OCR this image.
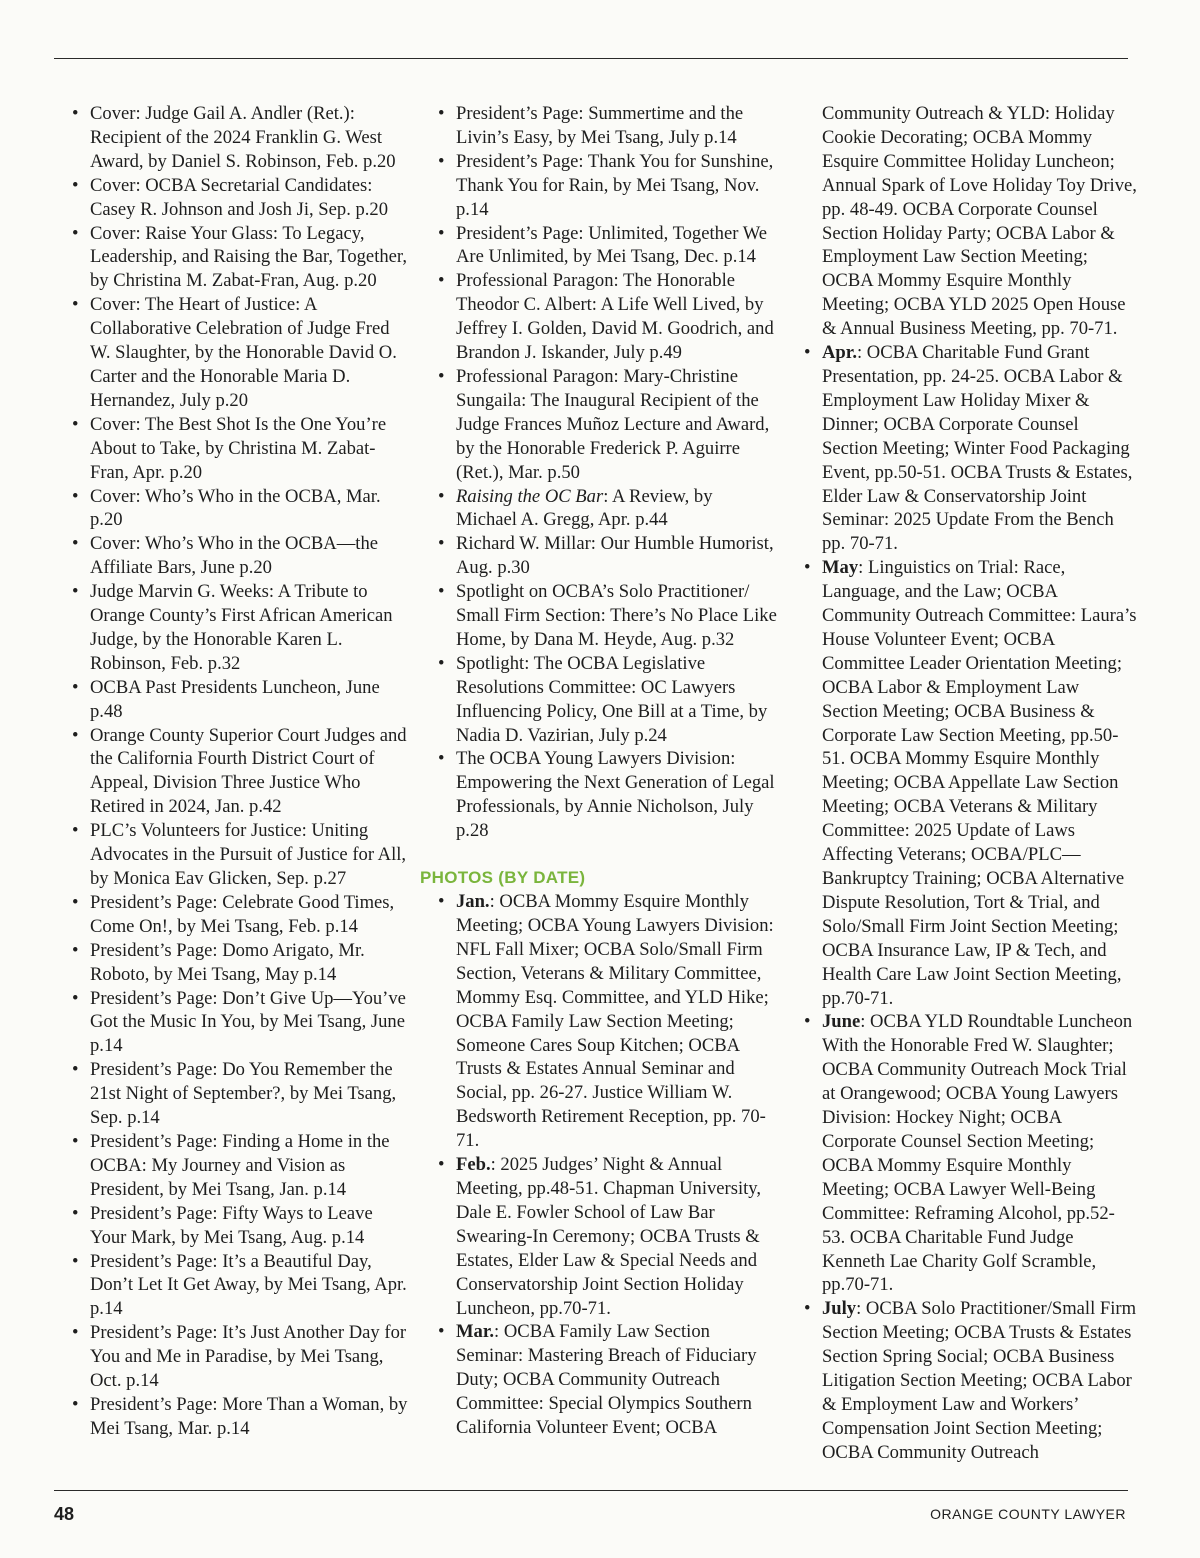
• Cover: Judge Gail A. Andler (Ret.): Recipient of the 2024 Franklin G. West Award, by Daniel S. Robinson, Feb. p.20
• Cover: OCBA Secretarial Candidates: Casey R. Johnson and Josh Ji, Sep. p.20
• Cover: Raise Your Glass: To Legacy, Leadership, and Raising the Bar, Together, by Christina M. Zabat-Fran, Aug. p.20
• Cover: The Heart of Justice: A Collaborative Celebration of Judge Fred W. Slaughter, by the Honorable David O. Carter and the Honorable Maria D. Hernandez, July p.20
• Cover: The Best Shot Is the One You’re About to Take, by Christina M. Zabat-Fran, Apr. p.20
• Cover: Who’s Who in the OCBA, Mar. p.20
• Cover: Who’s Who in the OCBA—the Affiliate Bars, June p.20
• Judge Marvin G. Weeks: A Tribute to Orange County’s First African American Judge, by the Honorable Karen L. Robinson, Feb. p.32
• OCBA Past Presidents Luncheon, June p.48
• Orange County Superior Court Judges and the California Fourth District Court of Appeal, Division Three Justice Who Retired in 2024, Jan. p.42
• PLC’s Volunteers for Justice: Uniting Advocates in the Pursuit of Justice for All, by Monica Eav Glicken, Sep. p.27
• President’s Page: Celebrate Good Times, Come On!, by Mei Tsang, Feb. p.14
• President’s Page: Domo Arigato, Mr. Roboto, by Mei Tsang, May p.14
• President’s Page: Don’t Give Up—You’ve Got the Music In You, by Mei Tsang, June p.14
• President’s Page: Do You Remember the 21st Night of September?, by Mei Tsang, Sep. p.14
• President’s Page: Finding a Home in the OCBA: My Journey and Vision as President, by Mei Tsang, Jan. p.14
• President’s Page: Fifty Ways to Leave Your Mark, by Mei Tsang, Aug. p.14
• President’s Page: It’s a Beautiful Day, Don’t Let It Get Away, by Mei Tsang, Apr. p.14
• President’s Page: It’s Just Another Day for You and Me in Paradise, by Mei Tsang, Oct. p.14
• President’s Page: More Than a Woman, by Mei Tsang, Mar. p.14
• President’s Page: Summertime and the Livin’s Easy, by Mei Tsang, July p.14
• President’s Page: Thank You for Sunshine, Thank You for Rain, by Mei Tsang, Nov. p.14
• President’s Page: Unlimited, Together We Are Unlimited, by Mei Tsang, Dec. p.14
• Professional Paragon: The Honorable Theodor C. Albert: A Life Well Lived, by Jeffrey I. Golden, David M. Goodrich, and Brandon J. Iskander, July p.49
• Professional Paragon: Mary-Christine Sungaila: The Inaugural Recipient of the Judge Frances Muñoz Lecture and Award, by the Honorable Frederick P. Aguirre (Ret.), Mar. p.50
• Raising the OC Bar: A Review, by Michael A. Gregg, Apr. p.44
• Richard W. Millar: Our Humble Humorist, Aug. p.30
• Spotlight on OCBA’s Solo Practitioner/ Small Firm Section: There’s No Place Like Home, by Dana M. Heyde, Aug. p.32
• Spotlight: The OCBA Legislative Resolutions Committee: OC Lawyers Influencing Policy, One Bill at a Time, by Nadia D. Vazirian, July p.24
• The OCBA Young Lawyers Division: Empowering the Next Generation of Legal Professionals, by Annie Nicholson, July p.28
PHOTOS (BY DATE)
• Jan.: OCBA Mommy Esquire Monthly Meeting; OCBA Young Lawyers Division: NFL Fall Mixer; OCBA Solo/Small Firm Section, Veterans & Military Committee, Mommy Esq. Committee, and YLD Hike; OCBA Family Law Section Meeting; Someone Cares Soup Kitchen; OCBA Trusts & Estates Annual Seminar and Social, pp. 26-27. Justice William W. Bedsworth Retirement Reception, pp. 70-71.
• Feb.: 2025 Judges’ Night & Annual Meeting, pp.48-51. Chapman University, Dale E. Fowler School of Law Bar Swearing-In Ceremony; OCBA Trusts & Estates, Elder Law & Special Needs and Conservatorship Joint Section Holiday Luncheon, pp.70-71.
• Mar.: OCBA Family Law Section Seminar: Mastering Breach of Fiduciary Duty; OCBA Community Outreach Committee: Special Olympics Southern California Volunteer Event; OCBA
Community Outreach & YLD: Holiday Cookie Decorating; OCBA Mommy Esquire Committee Holiday Luncheon; Annual Spark of Love Holiday Toy Drive, pp. 48-49. OCBA Corporate Counsel Section Holiday Party; OCBA Labor & Employment Law Section Meeting; OCBA Mommy Esquire Monthly Meeting; OCBA YLD 2025 Open House & Annual Business Meeting, pp. 70-71.
• Apr.: OCBA Charitable Fund Grant Presentation, pp. 24-25. OCBA Labor & Employment Law Holiday Mixer & Dinner; OCBA Corporate Counsel Section Meeting; Winter Food Packaging Event, pp.50-51. OCBA Trusts & Estates, Elder Law & Conservatorship Joint Seminar: 2025 Update From the Bench pp. 70-71.
• May: Linguistics on Trial: Race, Language, and the Law; OCBA Community Outreach Committee: Laura’s House Volunteer Event; OCBA Committee Leader Orientation Meeting; OCBA Labor & Employment Law Section Meeting; OCBA Business & Corporate Law Section Meeting, pp.50-51. OCBA Mommy Esquire Monthly Meeting; OCBA Appellate Law Section Meeting; OCBA Veterans & Military Committee: 2025 Update of Laws Affecting Veterans; OCBA/PLC—Bankruptcy Training; OCBA Alternative Dispute Resolution, Tort & Trial, and Solo/Small Firm Joint Section Meeting; OCBA Insurance Law, IP & Tech, and Health Care Law Joint Section Meeting, pp.70-71.
• June: OCBA YLD Roundtable Luncheon With the Honorable Fred W. Slaughter; OCBA Community Outreach Mock Trial at Orangewood; OCBA Young Lawyers Division: Hockey Night; OCBA Corporate Counsel Section Meeting; OCBA Mommy Esquire Monthly Meeting; OCBA Lawyer Well-Being Committee: Reframing Alcohol, pp.52-53. OCBA Charitable Fund Judge Kenneth Lae Charity Golf Scramble, pp.70-71.
• July: OCBA Solo Practitioner/Small Firm Section Meeting; OCBA Trusts & Estates Section Spring Social; OCBA Business Litigation Section Meeting; OCBA Labor & Employment Law and Workers’ Compensation Joint Section Meeting; OCBA Community Outreach
48	ORANGE COUNTY LAWYER
